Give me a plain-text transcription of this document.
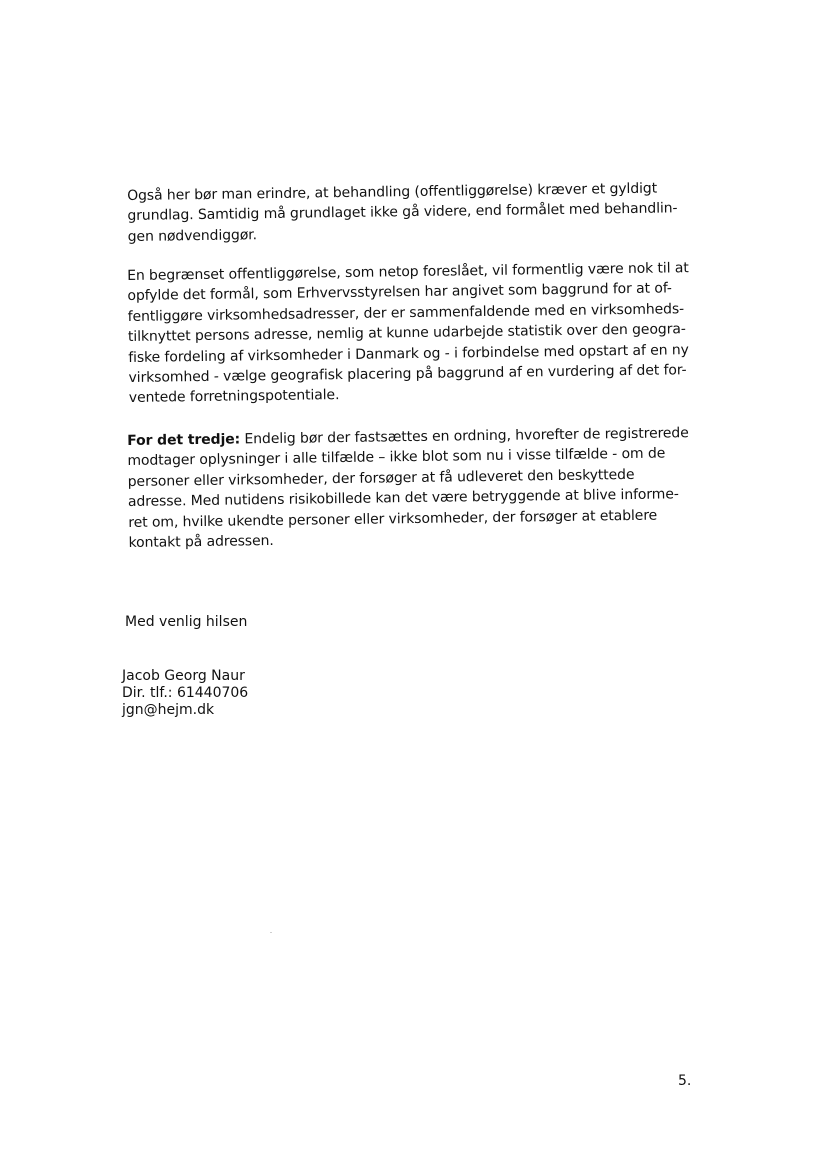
Også her bør man erindre, at behandling (offentliggørelse) kræver et gyldigt
grundlag. Samtidig må grundlaget ikke gå videre, end formålet med behandlin-
gen nødvendiggør.

En begrænset offentliggørelse, som netop foreslået, vil formentlig være nok til at
opfylde det formål, som Erhvervsstyrelsen har angivet som baggrund for at of-
fentliggøre virksomhedsadresser, der er sammenfaldende med en virksomheds-
tilknyttet persons adresse, nemlig at kunne udarbejde statistik over den geogra-
fiske fordeling af virksomheder i Danmark og - i forbindelse med opstart af en ny
virksomhed - vælge geografisk placering på baggrund af en vurdering af det for-
ventede forretningspotentiale.

For det tredje: Endelig bør der fastsættes en ordning, hvorefter de registrerede
modtager oplysninger i alle tilfælde – ikke blot som nu i visse tilfælde - om de
personer eller virksomheder, der forsøger at få udleveret den beskyttede
adresse. Med nutidens risikobillede kan det være betryggende at blive informe-
ret om, hvilke ukendte personer eller virksomheder, der forsøger at etablere
kontakt på adressen.

Med venlig hilsen
Jacob Georg Naur
Dir. tlf.: 61440706
jgn@hejm.dk
5.
